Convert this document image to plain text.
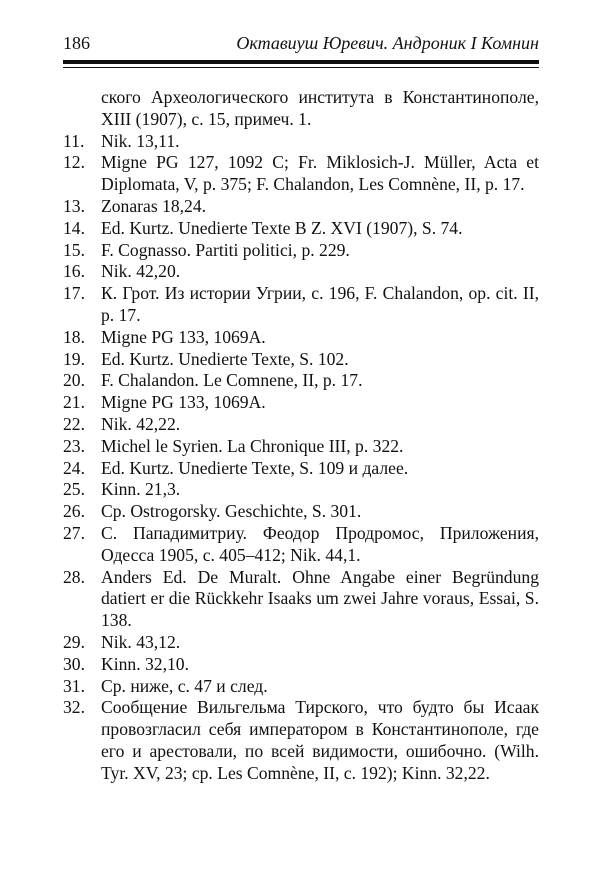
186	Октавиуш Юревич. Андроник I Комнин
ского Археологического института в Константинополе, XIII (1907), с. 15, примеч. 1.
11. Nik. 13,11.
12. Migne PG 127, 1092 C; Fr. Miklosich-J. Müller, Acta et Diplomata, V, p. 375; F. Chalandon, Les Comnène, II, p. 17.
13. Zonaras 18,24.
14. Ed. Kurtz. Unedierte Texte B Z. XVI (1907), S. 74.
15. F. Cognasso. Partiti politici, p. 229.
16. Nik. 42,20.
17. К. Грот. Из истории Угрии, с. 196, F. Chalandon, op. cit. II, p. 17.
18. Migne PG 133, 1069A.
19. Ed. Kurtz. Unedierte Texte, S. 102.
20. F. Chalandon. Le Comnene, II, p. 17.
21. Migne PG 133, 1069A.
22. Nik. 42,22.
23. Michel le Syrien. La Chronique III, p. 322.
24. Ed. Kurtz. Unedierte Texte, S. 109 и далее.
25. Kinn. 21,3.
26. Ср. Ostrogorsky. Geschichte, S. 301.
27. С. Пападимитриу. Феодор Продромос, Приложения, Одесса 1905, с. 405–412; Nik. 44,1.
28. Anders Ed. De Muralt. Ohne Angabe einer Begründung datiert er die Rückkehr Isaaks um zwei Jahre voraus, Essai, S. 138.
29. Nik. 43,12.
30. Kinn. 32,10.
31. Ср. ниже, с. 47 и след.
32. Сообщение Вильгельма Тирского, что будто бы Исаак провозгласил себя императором в Константинополе, где его и арестовали, по всей видимости, ошибочно. (Wilh. Tyr. XV, 23; ср. Les Comnène, II, с. 192); Kinn. 32,22.
